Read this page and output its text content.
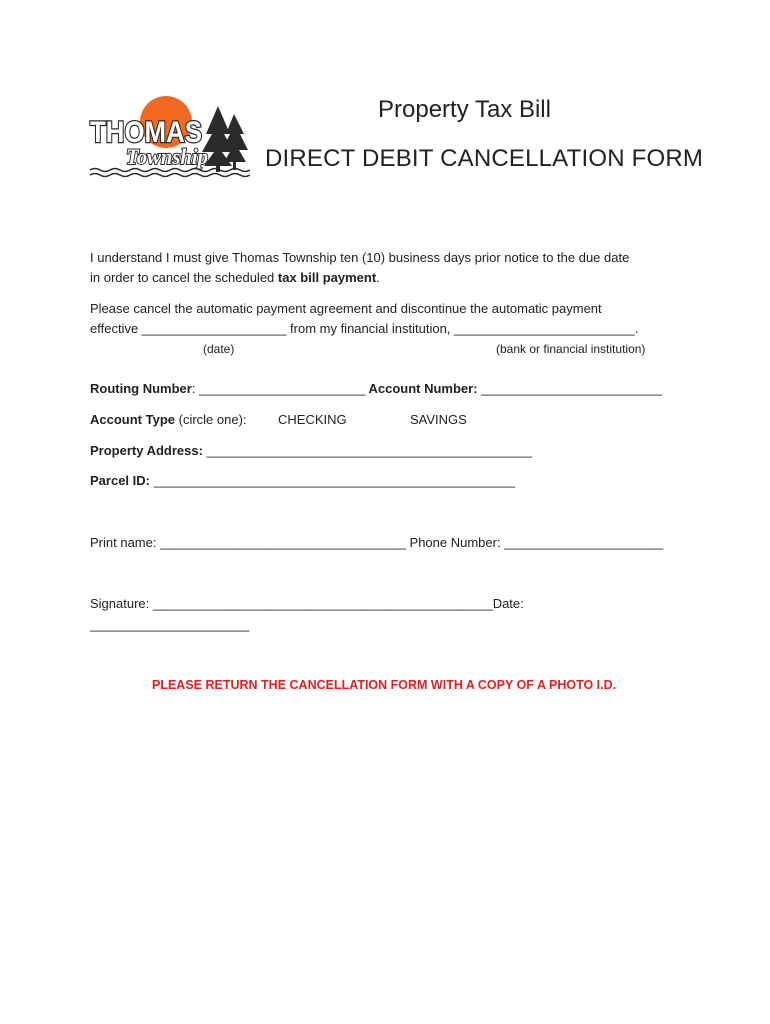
THOMAS
Township
Property Tax Bill
DIRECT DEBIT CANCELLATION FORM
I understand I must give Thomas Township ten (10) business days prior notice to the due date
in order to cancel the scheduled tax bill payment.
Please cancel the automatic payment agreement and discontinue the automatic payment
effective ____________________ from my financial institution, _________________________.
(date)	(bank or financial institution)
Routing Number: _______________________ Account Number: _________________________
Account Type (circle one): CHECKING	SAVINGS
Property Address: _____________________________________________
Parcel ID: __________________________________________________
Print name: __________________________________ Phone Number: ______________________
Signature: _______________________________________________Date:
______________________
PLEASE RETURN THE CANCELLATION FORM WITH A COPY OF A PHOTO I.D.
